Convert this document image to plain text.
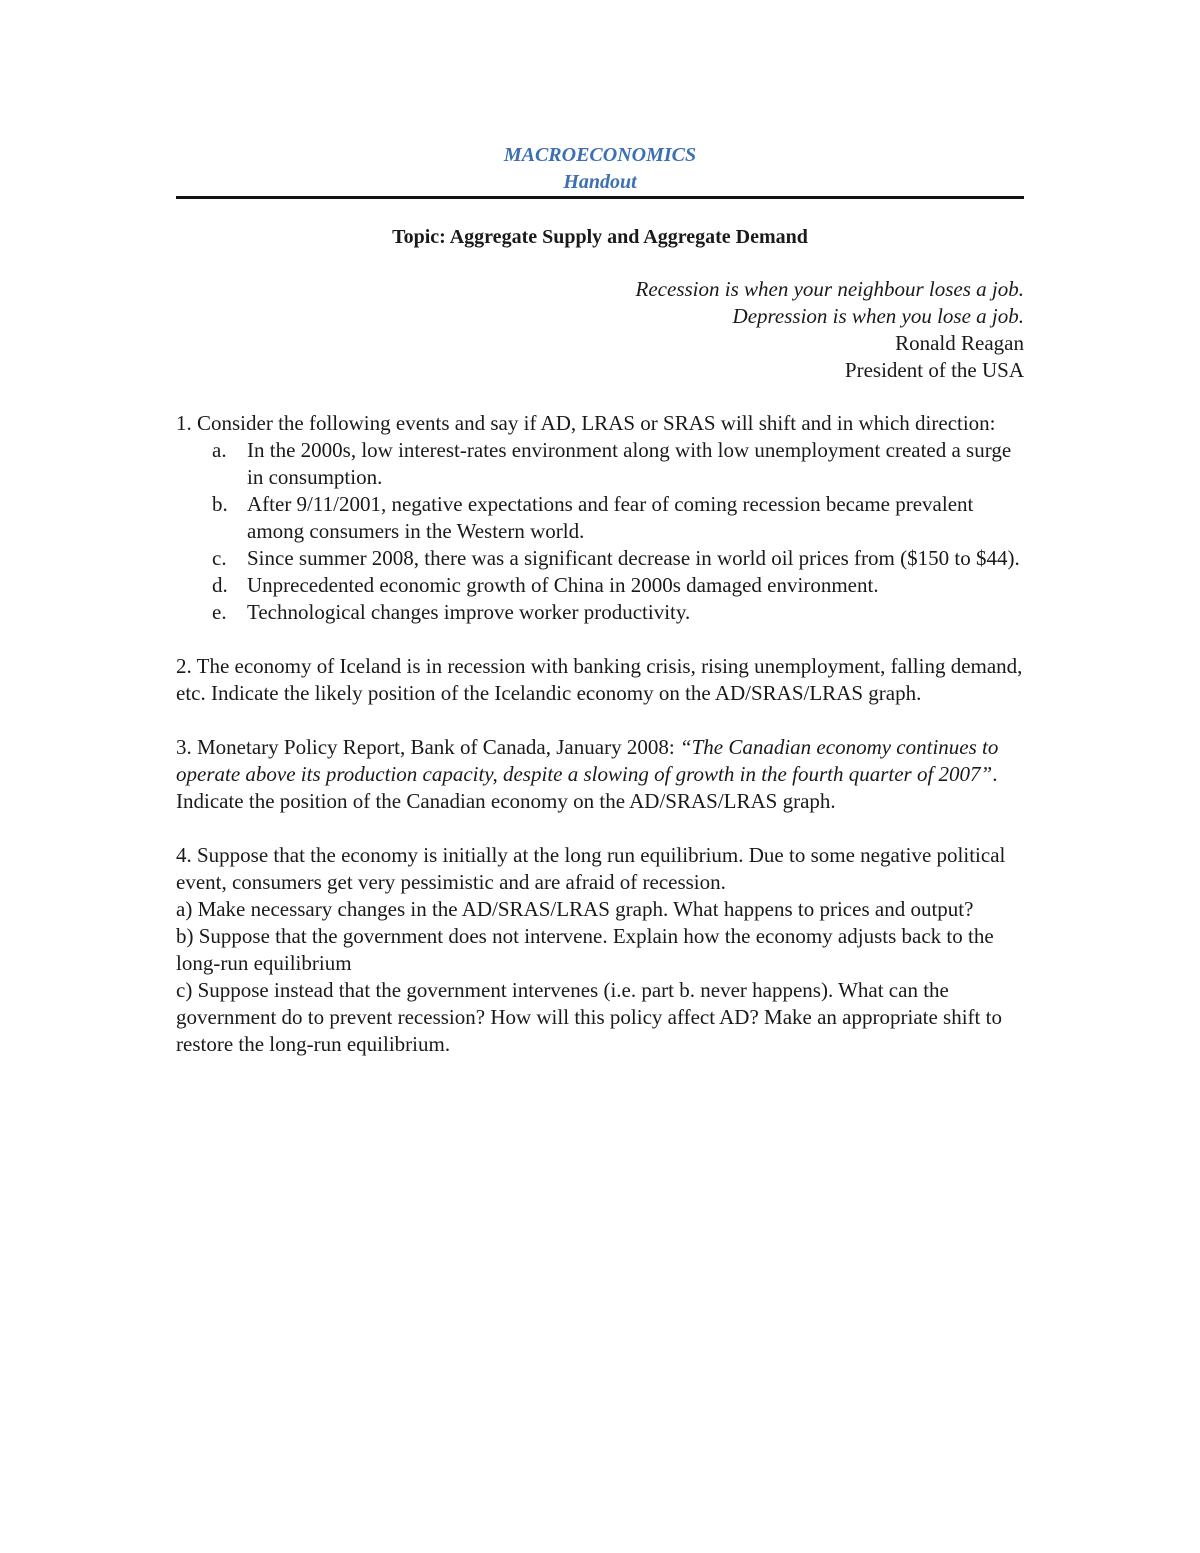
MACROECONOMICS
Handout
Topic: Aggregate Supply and Aggregate Demand
Recession is when your neighbour loses a job.
Depression is when you lose a job.
Ronald Reagan
President of the USA

1. Consider the following events and say if AD, LRAS or SRAS will shift and in which direction:

a. In the 2000s, low interest-rates environment along with low unemployment created a surge in consumption.
b. After 9/11/2001, negative expectations and fear of coming recession became prevalent among consumers in the Western world.
c. Since summer 2008, there was a significant decrease in world oil prices from ($150 to $44).
d. Unprecedented economic growth of China in 2000s damaged environment.
e. Technological changes improve worker productivity.

2. The economy of Iceland is in recession with banking crisis, rising unemployment, falling demand, etc. Indicate the likely position of the Icelandic economy on the AD/SRAS/LRAS graph.

3. Monetary Policy Report, Bank of Canada, January 2008: “The Canadian economy continues to operate above its production capacity, despite a slowing of growth in the fourth quarter of 2007”. Indicate the position of the Canadian economy on the AD/SRAS/LRAS graph.

4. Suppose that the economy is initially at the long run equilibrium. Due to some negative political event, consumers get very pessimistic and are afraid of recession.
a) Make necessary changes in the AD/SRAS/LRAS graph. What happens to prices and output?
b) Suppose that the government does not intervene. Explain how the economy adjusts back to the long-run equilibrium
c) Suppose instead that the government intervenes (i.e. part b. never happens). What can the government do to prevent recession? How will this policy affect AD? Make an appropriate shift to restore the long-run equilibrium.
